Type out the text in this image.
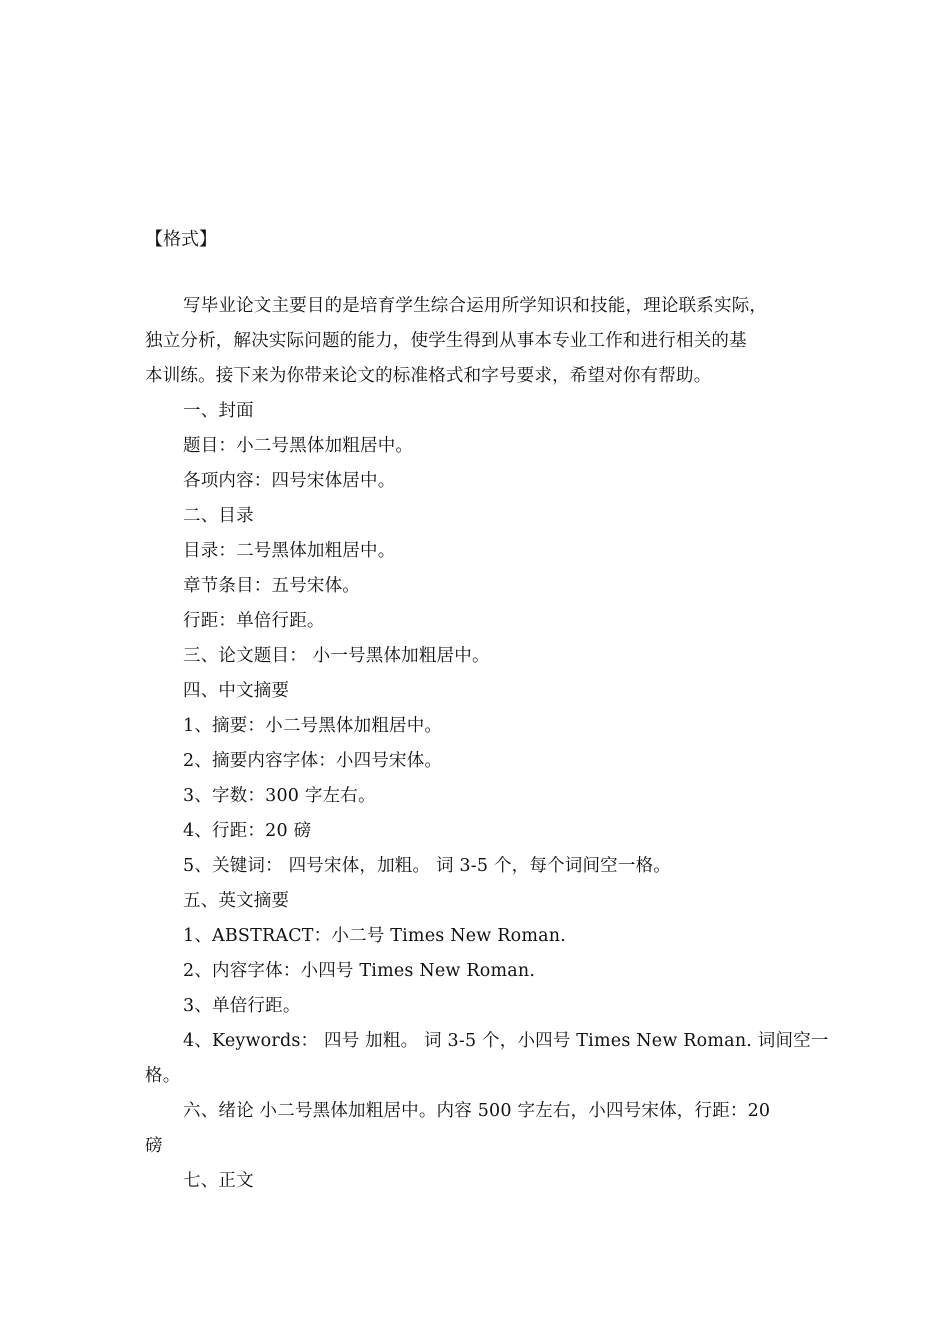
【格式】
写毕业论文主要目的是培育学生综合运用所学知识和技能，理论联系实际，
独立分析，解决实际问题的能力，使学生得到从事本专业工作和进行相关的基
本训练。接下来为你带来论文的标准格式和字号要求，希望对你有帮助。
一、封面
题目：小二号黑体加粗居中。
各项内容：四号宋体居中。
二、目录
目录：二号黑体加粗居中。
章节条目：五号宋体。
行距：单倍行距。
三、论文题目： 小一号黑体加粗居中。
四、中文摘要
1、摘要：小二号黑体加粗居中。
2、摘要内容字体：小四号宋体。
3、字数：300 字左右。
4、行距：20 磅
5、关键词： 四号宋体，加粗。 词 3-5 个，每个词间空一格。
五、英文摘要
1、ABSTRACT：小二号 Times New Roman.
2、内容字体：小四号 Times New Roman.
3、单倍行距。
4、Keywords： 四号 加粗。 词 3-5 个，小四号 Times New Roman. 词间空一
格。
六、绪论 小二号黑体加粗居中。内容 500 字左右，小四号宋体，行距：20
磅
七、正文
